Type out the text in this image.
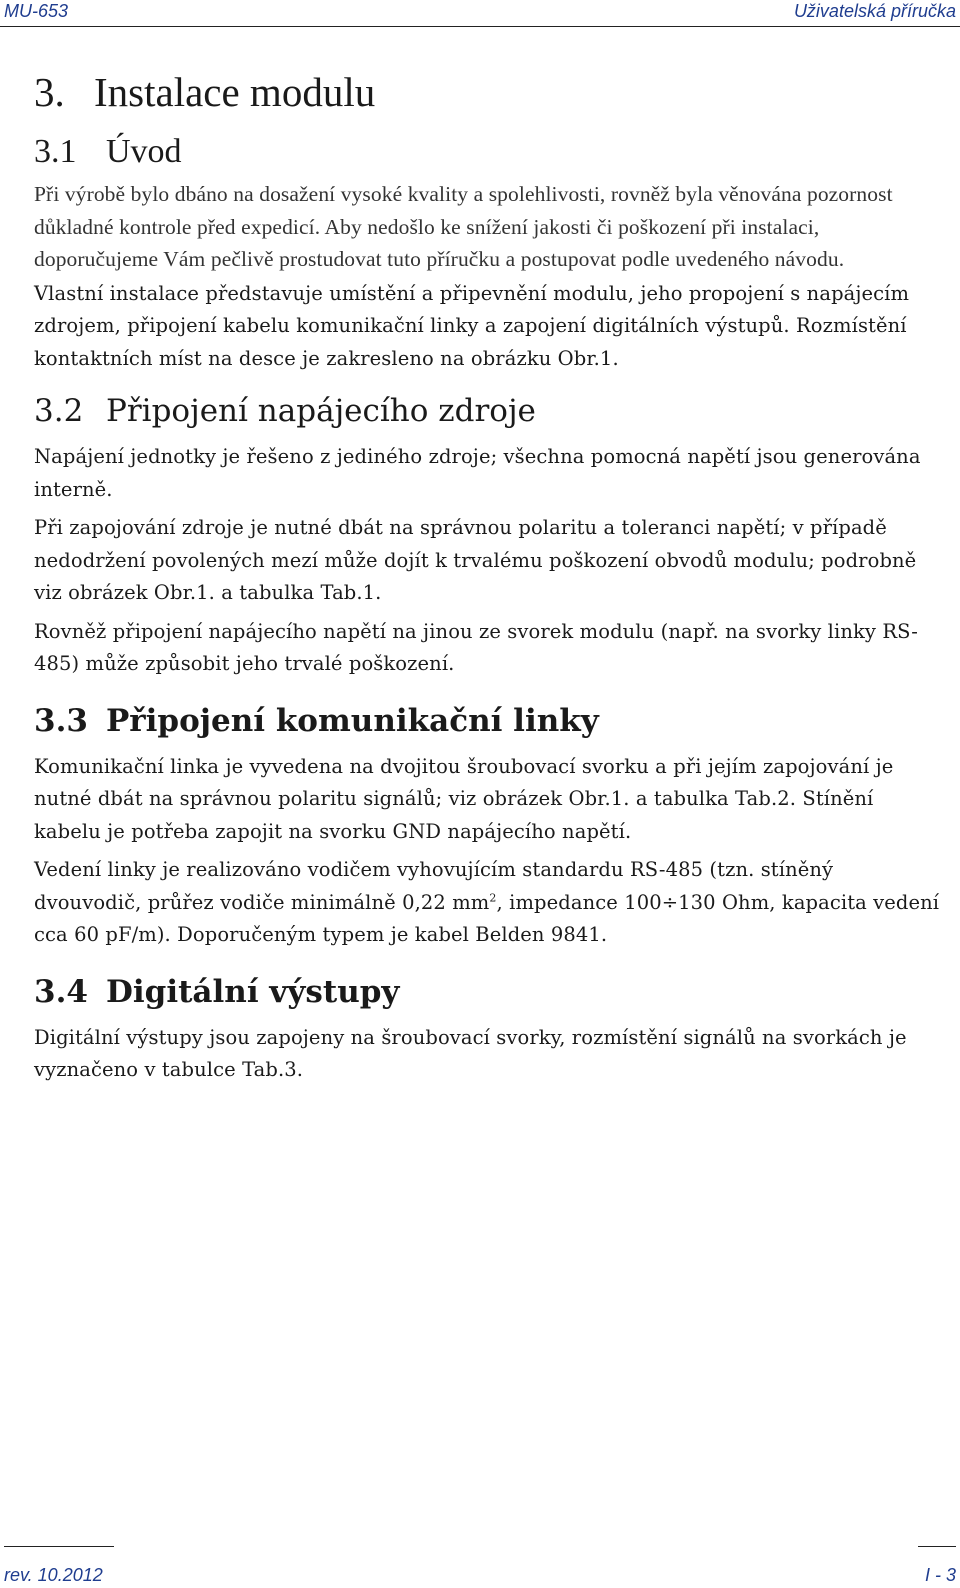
MU-653	Uživatelská příručka
3. Instalace modulu
3.1 Úvod

Při výrobě bylo dbáno na dosažení vysoké kvality a spolehlivosti, rovněž byla věnována pozornost důkladné kontrole před expedicí. Aby nedošlo ke snížení jakosti či poškození při instalaci, doporučujeme Vám pečlivě prostudovat tuto příručku a postupovat podle uvedeného návodu.

Vlastní instalace představuje umístění a připevnění modulu, jeho propojení s napájecím zdrojem, připojení kabelu komunikační linky a zapojení digitálních výstupů. Rozmístění kontaktních míst na desce je zakresleno na obrázku Obr.1.

3.2 Připojení napájecího zdroje

Napájení jednotky je řešeno z jediného zdroje; všechna pomocná napětí jsou generována interně.

Při zapojování zdroje je nutné dbát na správnou polaritu a toleranci napětí; v případě nedodržení povolených mezí může dojít k trvalému poškození obvodů modulu; podrobně viz obrázek Obr.1. a tabulka Tab.1.

Rovněž připojení napájecího napětí na jinou ze svorek modulu (např. na svorky linky RS-485) může způsobit jeho trvalé poškození.

3.3 Připojení komunikační linky

Komunikační linka je vyvedena na dvojitou šroubovací svorku a při jejím zapojování je nutné dbát na správnou polaritu signálů; viz obrázek Obr.1. a tabulka Tab.2. Stínění kabelu je potřeba zapojit na svorku GND napájecího napětí.

Vedení linky je realizováno vodičem vyhovujícím standardu RS-485 (tzn. stíněný dvouvodič, průřez vodiče minimálně 0,22 $mm^2$, impedance 100÷130 Ohm, kapacita vedení cca 60 pF/m). Doporučeným typem je kabel Belden 9841.

3.4 Digitální výstupy

Digitální výstupy jsou zapojeny na šroubovací svorky, rozmístění signálů na svorkách je vyznačeno v tabulce Tab.3.

rev. 10.2012	I - 3
